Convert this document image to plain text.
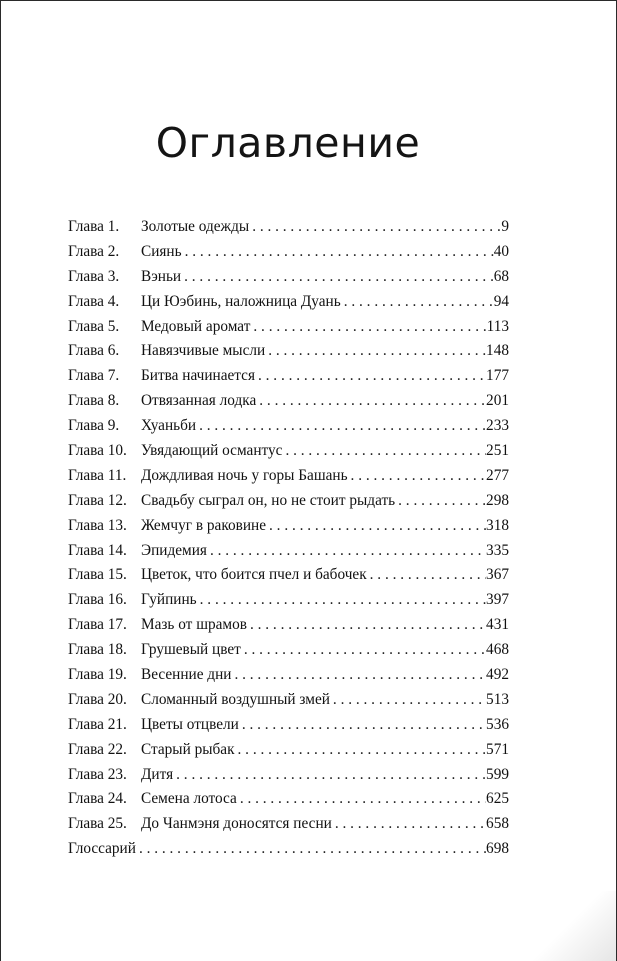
Оглавление
Глава 1.	Золотые одежды . . .	9
Глава 2.	Сиянь . . .	40
Глава 3.	Вэньи . . .	68
Глава 4.	Ци Юэбинь, наложница Дуань . . .	94
Глава 5.	Медовый аромат . . .	113
Глава 6.	Навязчивые мысли . . .	148
Глава 7.	Битва начинается . . .	177
Глава 8.	Отвязанная лодка . . .	201
Глава 9.	Хуаньби . . .	233
Глава 10. Увядающий османтус . . .	251
Глава 11. Дождливая ночь у горы Башань . . .	277
Глава 12. Свадьбу сыграл он, но не стоит рыдать . . .	298
Глава 13. Жемчуг в раковине . . .	318
Глава 14. Эпидемия . . .	335
Глава 15. Цветок, что боится пчел и бабочек . . .	367
Глава 16. Гуйпинь . . .	397
Глава 17. Мазь от шрамов . . .	431
Глава 18. Грушевый цвет . . .	468
Глава 19. Весенние дни . . .	492
Глава 20. Сломанный воздушный змей . . .	513
Глава 21. Цветы отцвели . . .	536
Глава 22. Старый рыбак . . .	571
Глава 23. Дитя . . .	599
Глава 24. Семена лотоса . . .	625
Глава 25. До Чанмэня доносятся песни . . .	658
Глоссарий . . .	698
